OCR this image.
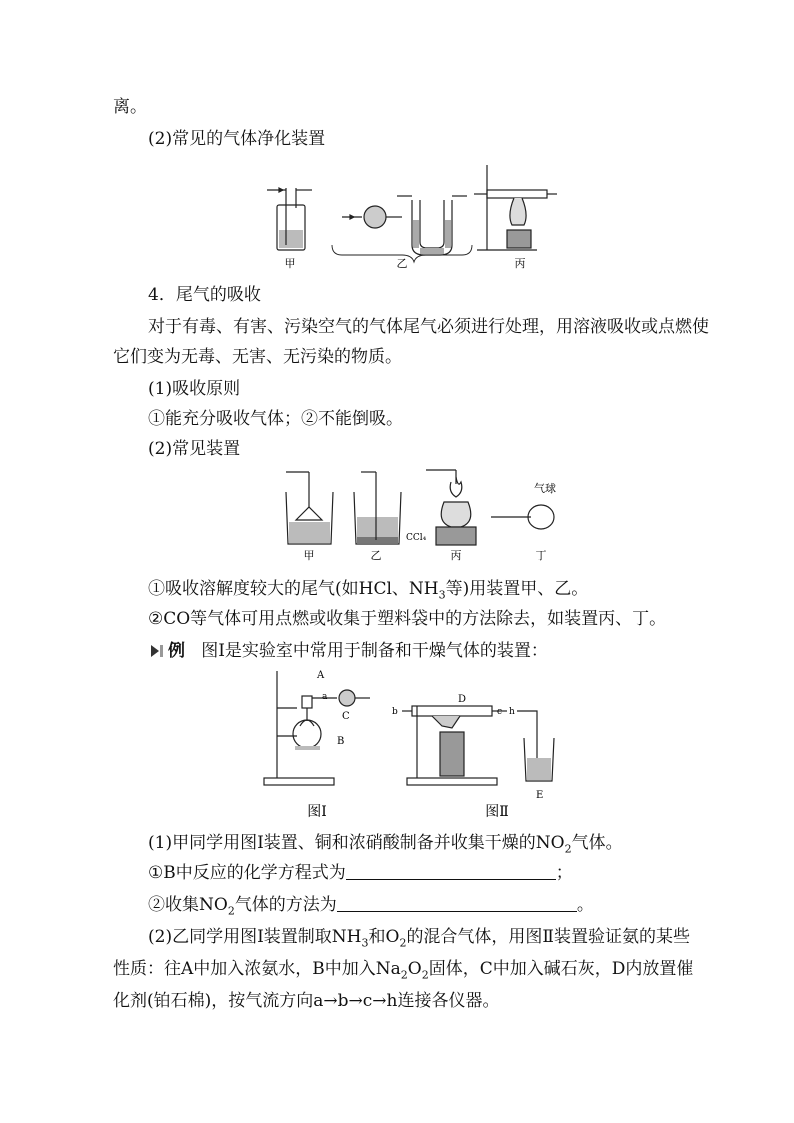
离。
(2)常见的气体净化装置
甲	乙	丙
4．尾气的吸收
对于有毒、有害、污染空气的气体尾气必须进行处理，用溶液吸收或点燃使
它们变为无毒、无害、无污染的物质。
(1)吸收原则
①能充分吸收气体；②不能倒吸。
(2)常见装置
CCl₄
气球
甲	乙	丙	丁
①吸收溶解度较大的尾气(如HCl、$NH_3$等)用装置甲、乙。
②CO等气体可用点燃或收集于塑料袋中的方法除去，如装置丙、丁。
例 图Ⅰ是实验室中常用于制备和干燥气体的装置：
A
C
B
a
b	c h
D
E
图Ⅰ	图Ⅱ
(1)甲同学用图Ⅰ装置、铜和浓硝酸制备并收集干燥的$NO_2$气体。
①B中反应的化学方程式为	；
②收集$NO_2$气体的方法为	。
(2)乙同学用图Ⅰ装置制取$NH_3$和$O_2$的混合气体，用图Ⅱ装置验证氨的某些
性质：往A中加入浓氨水，B中加入$Na_2O_2$固体，C中加入碱石灰，D内放置催
化剂(铂石棉)，按气流方向a→b→c→h连接各仪器。
